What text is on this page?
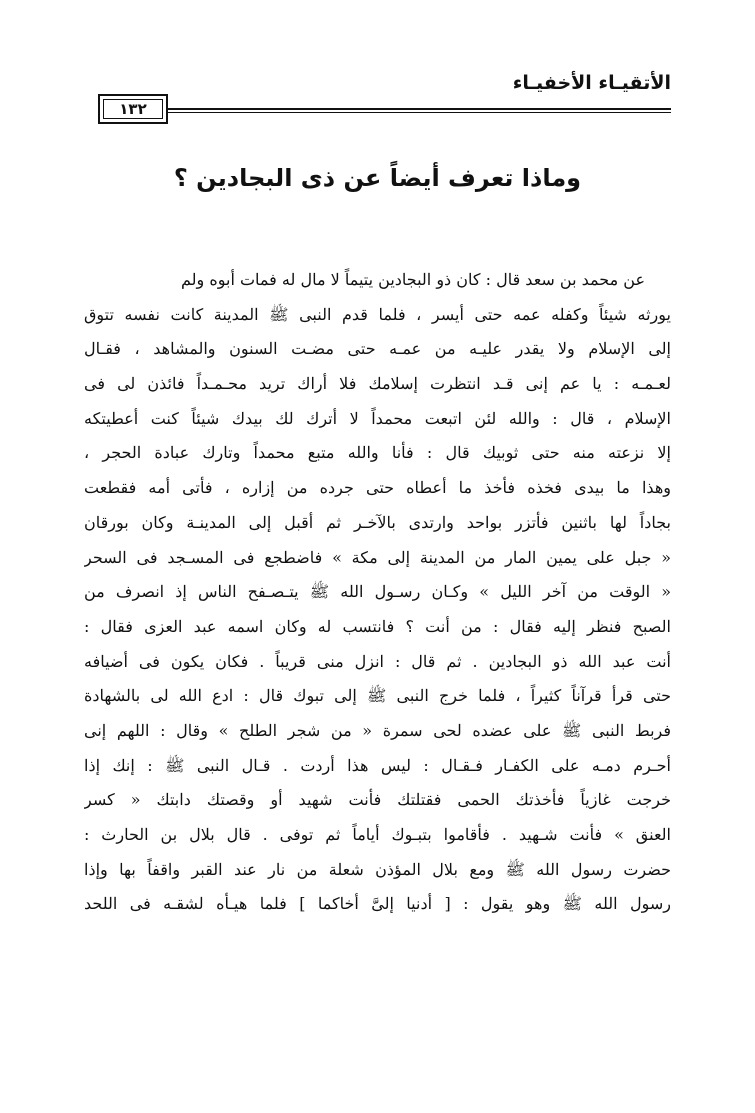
الأتقيـاء الأخفيـاء
١٣٢
وماذا تعرف أيضاً عن ذى البجادين ؟
عن محمد بن سعد قال : كان ذو البجادين يتيماً لا مال له فمات أبوه ولم
يورثه شيئاً وكفله عمه حتى أيسر ، فلما قدم النبى ﷺ المدينة كانت نفسه تتوق
إلى الإسلام ولا يقدر عليـه من عمـه حتى مضـت السنون والمشاهد ، فقـال
لعـمـه : يا عم إنى قـد انتظرت إسلامك فلا أراك تريد محـمـداً فائذن لى فى
الإسلام ، قال : والله لئن اتبعت محمداً لا أترك لك بيدك شيئاً كنت أعطيتكه
إلا نزعته منه حتى ثوبيك قال : فأنا والله متبع محمداً وتارك عبادة الحجر ،
وهذا ما بيدى فخذه فأخذ ما أعطاه حتى جرده من إزاره ، فأتى أمه فقطعت
بجاداً لها باثنين فأتزر بواحد وارتدى بالآخـر ثم أقبل إلى المدينـة وكان بورقان
« جبل على يمين المار من المدينة إلى مكة » فاضطجع فى المسـجد فى السحر
« الوقت من آخر الليل » وكـان رسـول الله ﷺ يتـصـفح الناس إذ انصرف من
الصبح فنظر إليه فقال : من أنت ؟ فانتسب له وكان اسمه عبد العزى فقال :
أنت عبد الله ذو البجادين . ثم قال : انزل منى قريباً . فكان يكون فى أضيافه
حتى قرأ قرآناً كثيراً ، فلما خرج النبى ﷺ إلى تبوك قال : ادع الله لى بالشهادة
فربط النبى ﷺ على عضده لحى سمرة « من شجر الطلح » وقال : اللهم إنى
أحـرم دمـه على الكفـار فـقـال : ليس هذا أردت . قـال النبى ﷺ : إنك إذا
خرجت غازياً فأخذتك الحمى فقتلتك فأنت شهيد أو وقصتك دابتك « كسر
العنق » فأنت شـهيد . فأقاموا بتبـوك أياماً ثم توفى . قال بلال بن الحارث :
حضرت رسول الله ﷺ ومع بلال المؤذن شعلة من نار عند القبر واقفاً بها وإذا
رسول الله ﷺ وهو يقول : [ أدنيا إلىَّ أخاكما ] فلما هيـأه لشقـه فى اللحد
